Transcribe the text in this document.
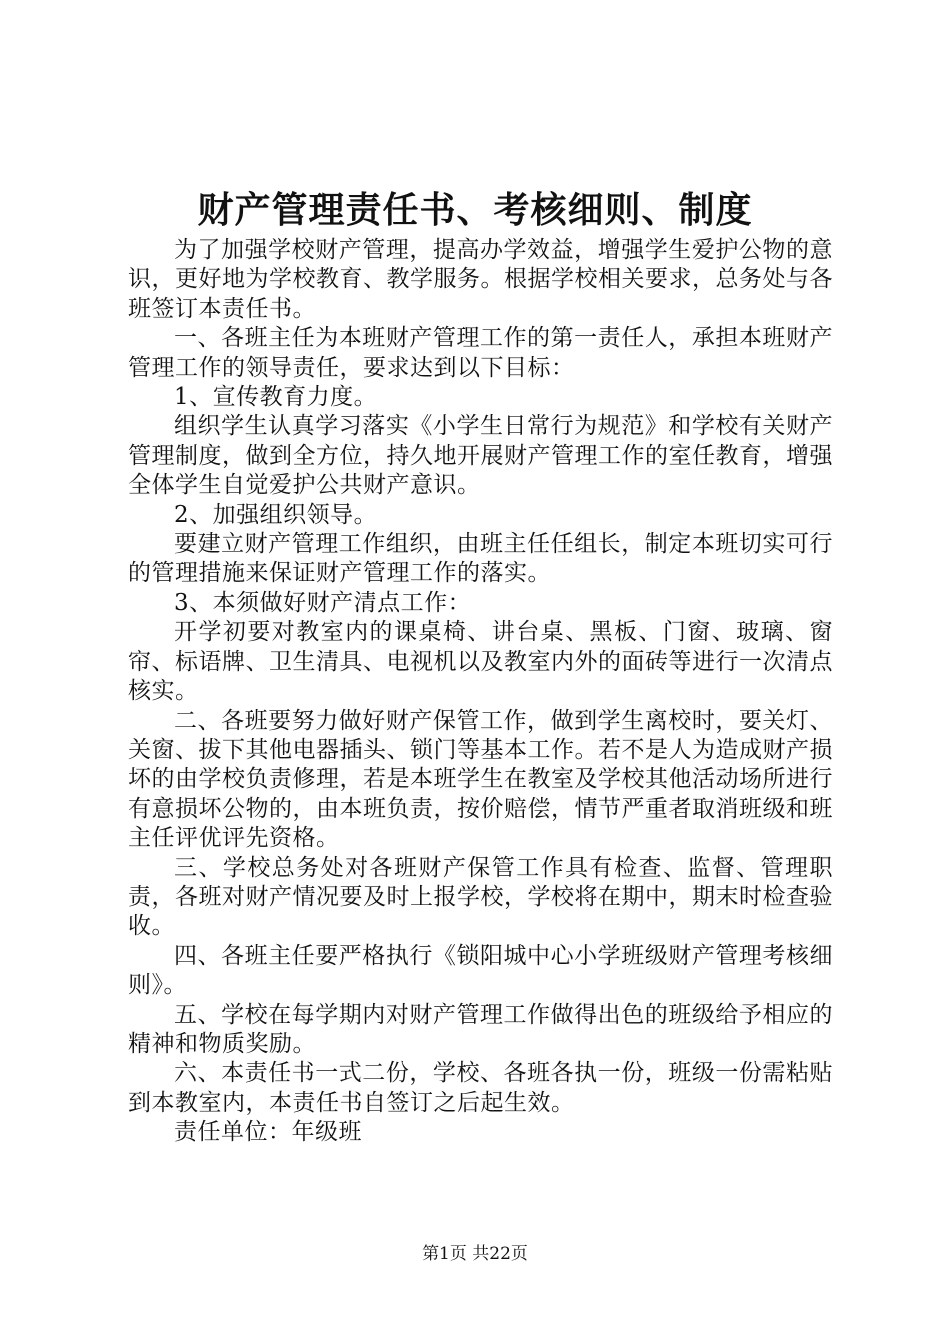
财产管理责任书、考核细则、制度

为了加强学校财产管理，提高办学效益，增强学生爱护公物的意识，更好地为学校教育、教学服务。根据学校相关要求，总务处与各班签订本责任书。

一、各班主任为本班财产管理工作的第一责任人，承担本班财产管理工作的领导责任，要求达到以下目标：

1、宣传教育力度。

组织学生认真学习落实《小学生日常行为规范》和学校有关财产管理制度，做到全方位，持久地开展财产管理工作的室任教育，增强全体学生自觉爱护公共财产意识。

2、加强组织领导。

要建立财产管理工作组织，由班主任任组长，制定本班切实可行的管理措施来保证财产管理工作的落实。

3、本须做好财产清点工作：

开学初要对教室内的课桌椅、讲台桌、黑板、门窗、玻璃、窗帘、标语牌、卫生清具、电视机以及教室内外的面砖等进行一次清点核实。

二、各班要努力做好财产保管工作，做到学生离校时，要关灯、关窗、拔下其他电器插头、锁门等基本工作。若不是人为造成财产损坏的由学校负责修理，若是本班学生在教室及学校其他活动场所进行有意损坏公物的，由本班负责，按价赔偿，情节严重者取消班级和班主任评优评先资格。

三、学校总务处对各班财产保管工作具有检查、监督、管理职责，各班对财产情况要及时上报学校，学校将在期中，期末时检查验收。

四、各班主任要严格执行《锁阳城中心小学班级财产管理考核细则》。

五、学校在每学期内对财产管理工作做得出色的班级给予相应的精神和物质奖励。

六、本责任书一式二份，学校、各班各执一份，班级一份需粘贴到本教室内，本责任书自签订之后起生效。

责任单位：年级班

第1页 共22页
